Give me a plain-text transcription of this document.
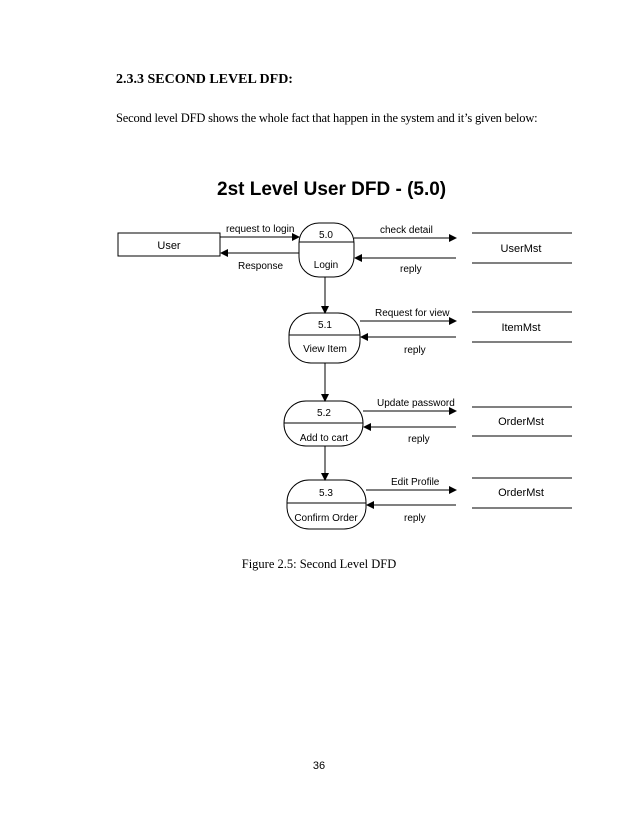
2.3.3 SECOND LEVEL DFD:
Second level DFD shows the whole fact that happen in the system and it’s given below:
2st Level User DFD - (5.0)
User
request to login
Response
5.0
Login
5.1
View Item
5.2
Add to cart
5.3
Confirm Order
UserMst
check detail
reply
ItemMst
Request for view
reply
OrderMst
Update password
reply
OrderMst
Edit Profile
reply
Figure 2.5: Second Level DFD
36
